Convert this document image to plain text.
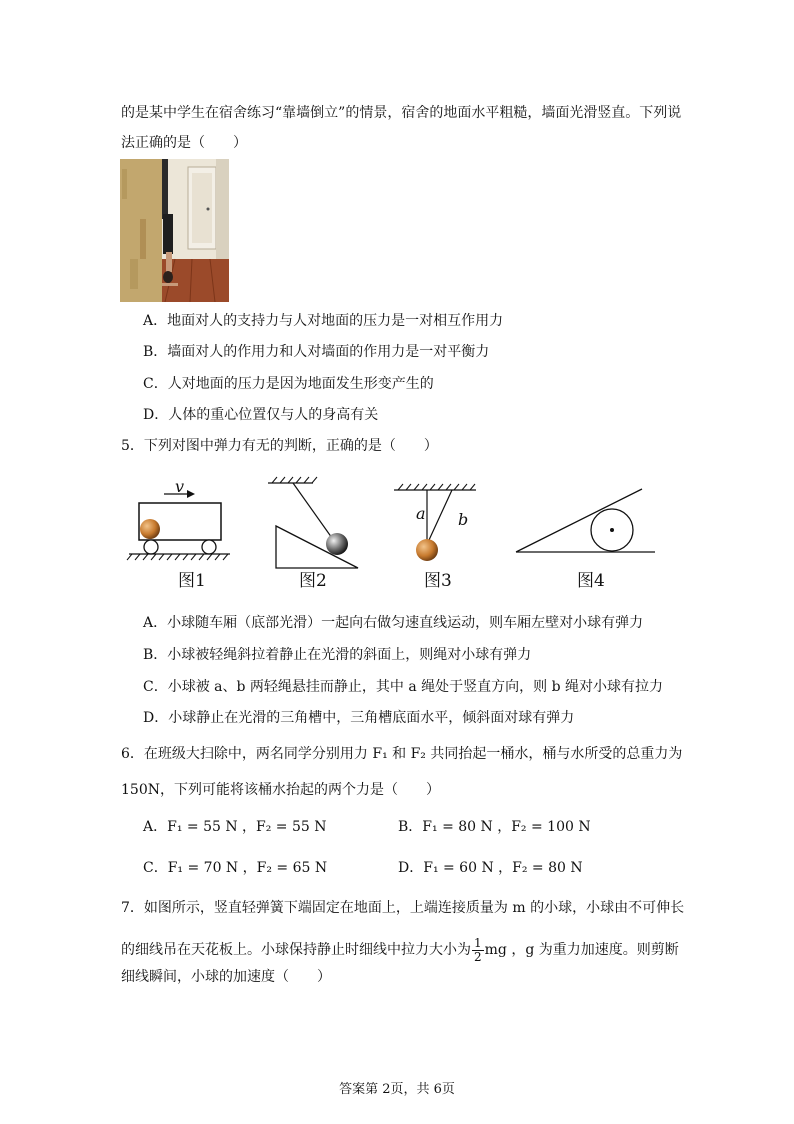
的是某中学生在宿舍练习“靠墙倒立”的情景，宿舍的地面水平粗糙，墙面光滑竖直。下列说
法正确的是（　　）
A．地面对人的支持力与人对地面的压力是一对相互作用力
B．墙面对人的作用力和人对墙面的作用力是一对平衡力
C．人对地面的压力是因为地面发生形变产生的
D．人体的重心位置仅与人的身高有关
5．下列对图中弹力有无的判断，正确的是（　　）
v
a b
图1	图2	图3	图4
A．小球随车厢（底部光滑）一起向右做匀速直线运动，则车厢左壁对小球有弹力
B．小球被轻绳斜拉着静止在光滑的斜面上，则绳对小球有弹力
C．小球被 a、b 两轻绳悬挂而静止，其中 a 绳处于竖直方向，则 b 绳对小球有拉力
D．小球静止在光滑的三角槽中，三角槽底面水平，倾斜面对球有弹力
6．在班级大扫除中，两名同学分别用力 F₁ 和 F₂ 共同抬起一桶水，桶与水所受的总重力为
150N，下列可能将该桶水抬起的两个力是（　　）
A．F₁ = 55 N ，F₂ = 55 N	B．F₁ = 80 N ，F₂ = 100 N
C．F₁ = 70 N ，F₂ = 65 N	D．F₁ = 60 N ，F₂ = 80 N
7．如图所示，竖直轻弹簧下端固定在地面上，上端连接质量为 m 的小球，小球由不可伸长
的细线吊在天花板上。小球保持静止时细线中拉力大小为 $\frac{1}{2}$ mg ，g 为重力加速度。则剪断
细线瞬间，小球的加速度（　　）
答案第 2页，共 6页
